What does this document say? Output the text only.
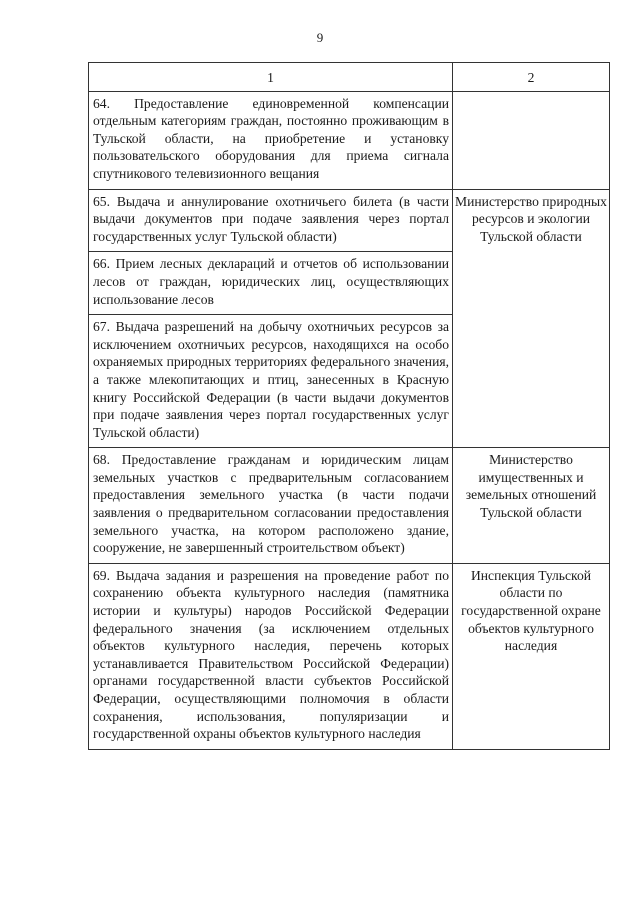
9
1	2

64. Предоставление единовременной компенсации отдельным категориям граждан, постоянно проживающим в Тульской области, на приобретение и установку пользовательского оборудования для приема сигнала спутникового телевизионного вещания	

65. Выдача и аннулирование охотничьего билета (в части выдачи документов при подаче заявления через портал государственных услуг Тульской области)	Министерство природных ресурсов и экологии Тульской области

66. Прием лесных деклараций и отчетов об использовании лесов от граждан, юридических лиц, осуществляющих использование лесов	

67. Выдача разрешений на добычу охотничьих ресурсов за исключением охотничьих ресурсов, находящихся на особо охраняемых природных территориях федерального значения, а также млекопитающих и птиц, занесенных в Красную книгу Российской Федерации (в части выдачи документов при подаче заявления через портал государственных услуг Тульской области)	

68. Предоставление гражданам и юридическим лицам земельных участков с предварительным согласованием предоставления земельного участка (в части подачи заявления о предварительном согласовании предоставления земельного участка, на котором расположено здание, сооружение, не завершенный строительством объект)	Министерство имущественных и земельных отношений Тульской области

69. Выдача задания и разрешения на проведение работ по сохранению объекта культурного наследия (памятника истории и культуры) народов Российской Федерации федерального значения (за исключением отдельных объектов культурного наследия, перечень которых устанавливается Правительством Российской Федерации) органами государственной власти субъектов Российской Федерации, осуществляющими полномочия в области сохранения, использования, популяризации и государственной охраны объектов культурного наследия	Инспекция Тульской области по государственной охране объектов культурного наследия
